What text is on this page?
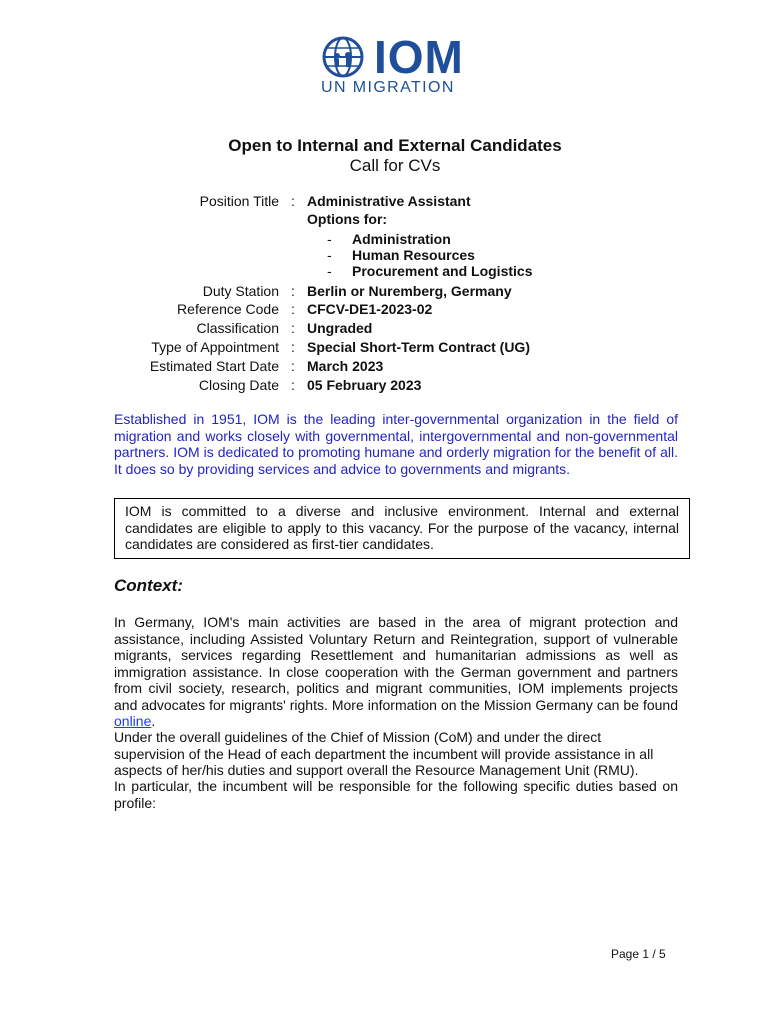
IOM
UN MIGRATION
Open to Internal and External Candidates
Call for CVs
Position Title : Administrative Assistant
Options for:
- Administration
- Human Resources
- Procurement and Logistics
Duty Station : Berlin or Nuremberg, Germany
Reference Code : CFCV-DE1-2023-02
Classification : Ungraded
Type of Appointment : Special Short-Term Contract (UG)
Estimated Start Date : March 2023
Closing Date : 05 February 2023

Established in 1951, IOM is the leading inter-governmental organization in the field of migration and works closely with governmental, intergovernmental and non-governmental partners. IOM is dedicated to promoting humane and orderly migration for the benefit of all. It does so by providing services and advice to governments and migrants.

IOM is committed to a diverse and inclusive environment. Internal and external candidates are eligible to apply to this vacancy. For the purpose of the vacancy, internal candidates are considered as first-tier candidates.

Context:

In Germany, IOM's main activities are based in the area of migrant protection and assistance, including Assisted Voluntary Return and Reintegration, support of vulnerable migrants, services regarding Resettlement and humanitarian admissions as well as immigration assistance. In close cooperation with the German government and partners from civil society, research, politics and migrant communities, IOM implements projects and advocates for migrants' rights. More information on the Mission Germany can be found online.

Under the overall guidelines of the Chief of Mission (CoM) and under the direct supervision of the Head of each department the incumbent will provide assistance in all aspects of her/his duties and support overall the Resource Management Unit (RMU).

In particular, the incumbent will be responsible for the following specific duties based on profile:

Page 1 / 5
